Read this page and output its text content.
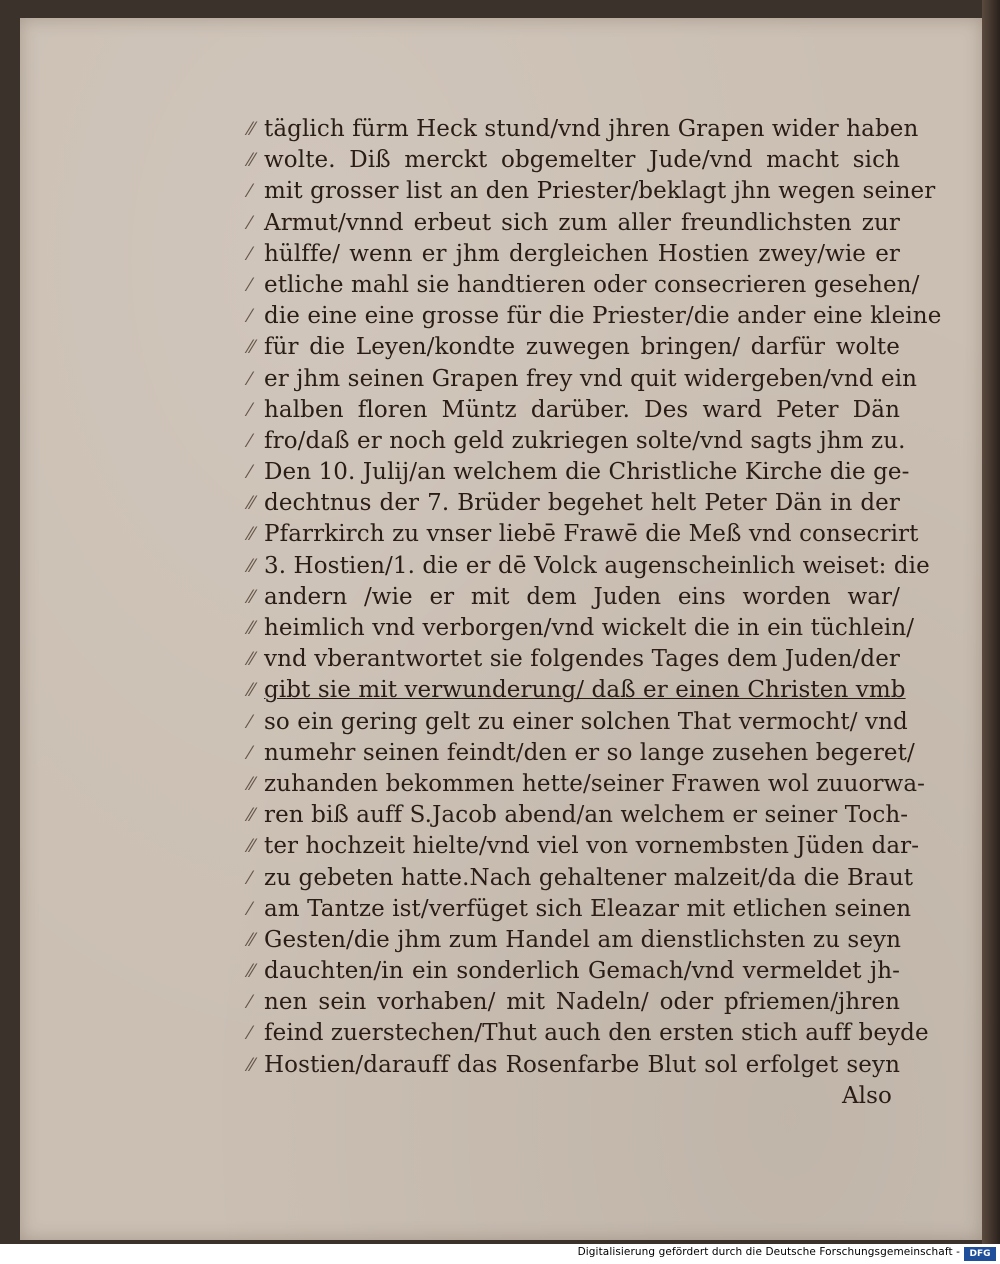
⁄⁄ täglich fürm Heck stund/vnd jhren Grapen wider haben
⁄⁄ wolte. Diß merckt obgemelter Jude/vnd macht sich
⁄ mit grosser list an den Priester/beklagt jhn wegen seiner
⁄ Armut/vnnd erbeut sich zum aller freundlichsten zur
⁄ hülffe/ wenn er jhm dergleichen Hostien zwey/wie er
⁄ etliche mahl sie handtieren oder consecrieren gesehen/
⁄ die eine eine grosse für die Priester/die ander eine kleine
⁄⁄ für die Leyen/kondte zuwegen bringen/ darfür wolte
⁄ er jhm seinen Grapen frey vnd quit widergeben/vnd ein
⁄ halben floren Müntz darüber. Des ward Peter Dän
⁄ fro/daß er noch geld zukriegen solte/vnd sagts jhm zu.
⁄ Den 10. Julij/an welchem die Christliche Kirche die ge-
⁄⁄ dechtnus der 7. Brüder begehet helt Peter Dän in der
⁄⁄ Pfarrkirch zu vnser liebē Frawē die Meß vnd consecrirt
⁄⁄ 3. Hostien/1. die er dē Volck augenscheinlich weiset: die
⁄⁄ andern /wie er mit dem Juden eins worden war/
⁄⁄ heimlich vnd verborgen/vnd wickelt die in ein tüchlein/
⁄⁄ vnd vberantwortet sie folgendes Tages dem Juden/der
⁄⁄ gibt sie mit verwunderung/ daß er einen Christen vmb
⁄ so ein gering gelt zu einer solchen That vermocht/ vnd
⁄ numehr seinen feindt/den er so lange zusehen begeret/
⁄⁄ zuhanden bekommen hette/seiner Frawen wol zuuorwa-
⁄⁄ ren biß auff S.Jacob abend/an welchem er seiner Toch-
⁄⁄ ter hochzeit hielte/vnd viel von vornembsten Jüden dar-
⁄ zu gebeten hatte.Nach gehaltener malzeit/da die Braut
⁄ am Tantze ist/verfüget sich Eleazar mit etlichen seinen
⁄⁄ Gesten/die jhm zum Handel am dienstlichsten zu seyn
⁄⁄ dauchten/in ein sonderlich Gemach/vnd vermeldet jh-
⁄ nen sein vorhaben/ mit Nadeln/ oder pfriemen/jhren
⁄ feind zuerstechen/Thut auch den ersten stich auff beyde
⁄⁄ Hostien/darauff das Rosenfarbe Blut sol erfolget seyn
Also
Digitalisierung gefördert durch die Deutsche Forschungsgemeinschaft -	DFG
